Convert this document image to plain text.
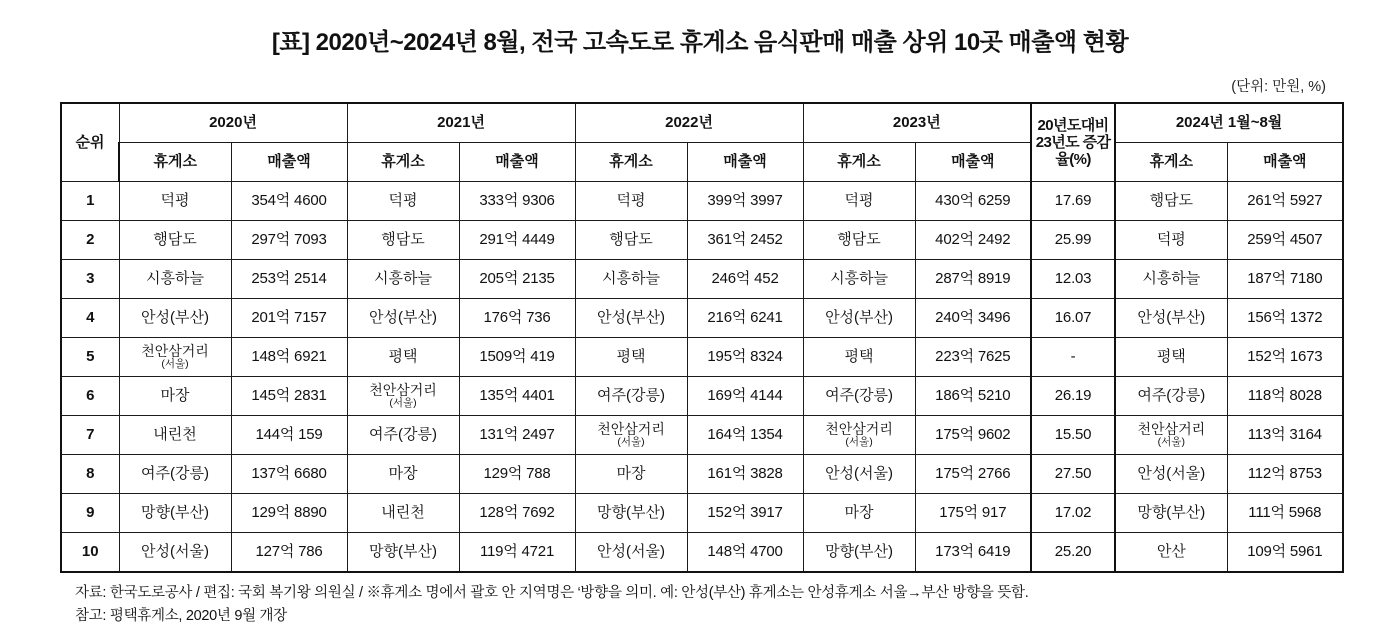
[표] 2020년~2024년 8월, 전국 고속도로 휴게소 음식판매 매출 상위 10곳 매출액 현황
(단위: 만원, %)
순위	2020년		2021년		2022년		2023년		20년도대비
23년도 증감율(%)	2024년 1월~8월	
	휴게소	매출액	휴게소	매출액	휴게소	매출액	휴게소	매출액		휴게소	매출액
1	덕평	354억 4600	덕평	333억 9306	덕평	399억 3997	덕평	430억 6259	17.69	행담도	261억 5927
2	행담도	297억 7093	행담도	291억 4449	행담도	361억 2452	행담도	402억 2492	25.99	덕평	259억 4507
3	시흥하늘	253억 2514	시흥하늘	205억 2135	시흥하늘	246억 452	시흥하늘	287억 8919	12.03	시흥하늘	187억 7180
4	안성(부산)	201억 7157	안성(부산)	176억 736	안성(부산)	216억 6241	안성(부산)	240억 3496	16.07	안성(부산)	156억 1372
5	천안삼거리
(서울)	148억 6921	평택	1509억 419	평택	195억 8324	평택	223억 7625	-	평택	152억 1673
6	마장	145억 2831	천안삼거리
(서울)	135억 4401	여주(강릉)	169억 4144	여주(강릉)	186억 5210	26.19	여주(강릉)	118억 8028
7	내린천	144억 159	여주(강릉)	131억 2497	천안삼거리
(서울)	164억 1354	천안삼거리
(서울)	175억 9602	15.50	천안삼거리
(서울)	113억 3164
8	여주(강릉)	137억 6680	마장	129억 788	마장	161억 3828	안성(서울)	175억 2766	27.50	안성(서울)	112억 8753
9	망향(부산)	129억 8890	내린천	128억 7692	망향(부산)	152억 3917	마장	175억 917	17.02	망향(부산)	111억 5968
10	안성(서울)	127억 786	망향(부산)	119억 4721	안성(서울)	148억 4700	망향(부산)	173억 6419	25.20	안산	109억 5961
자료: 한국도로공사 / 편집: 국회 복기왕 의원실 / ※휴게소 명에서 괄호 안 지역명은 ‘방향을 의미. 예: 안성(부산) 휴게소는 안성휴게소 서울→부산 방향을 뜻함.
참고: 평택휴게소, 2020년 9월 개장
